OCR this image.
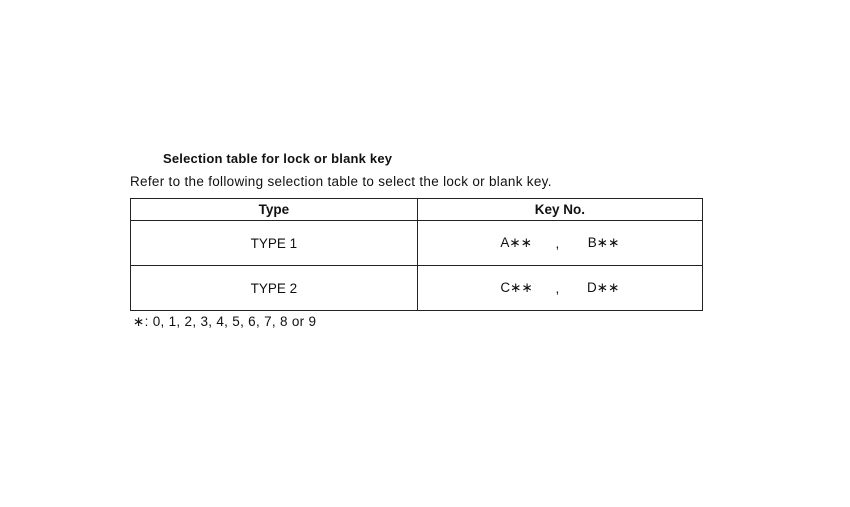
Selection table for lock or blank key
Refer to the following selection table to select the lock or blank key.
Type	Key No.
TYPE 1	A∗∗ , B∗∗

TYPE 2	C∗∗ , D∗∗
∗: 0, 1, 2, 3, 4, 5, 6, 7, 8 or 9
